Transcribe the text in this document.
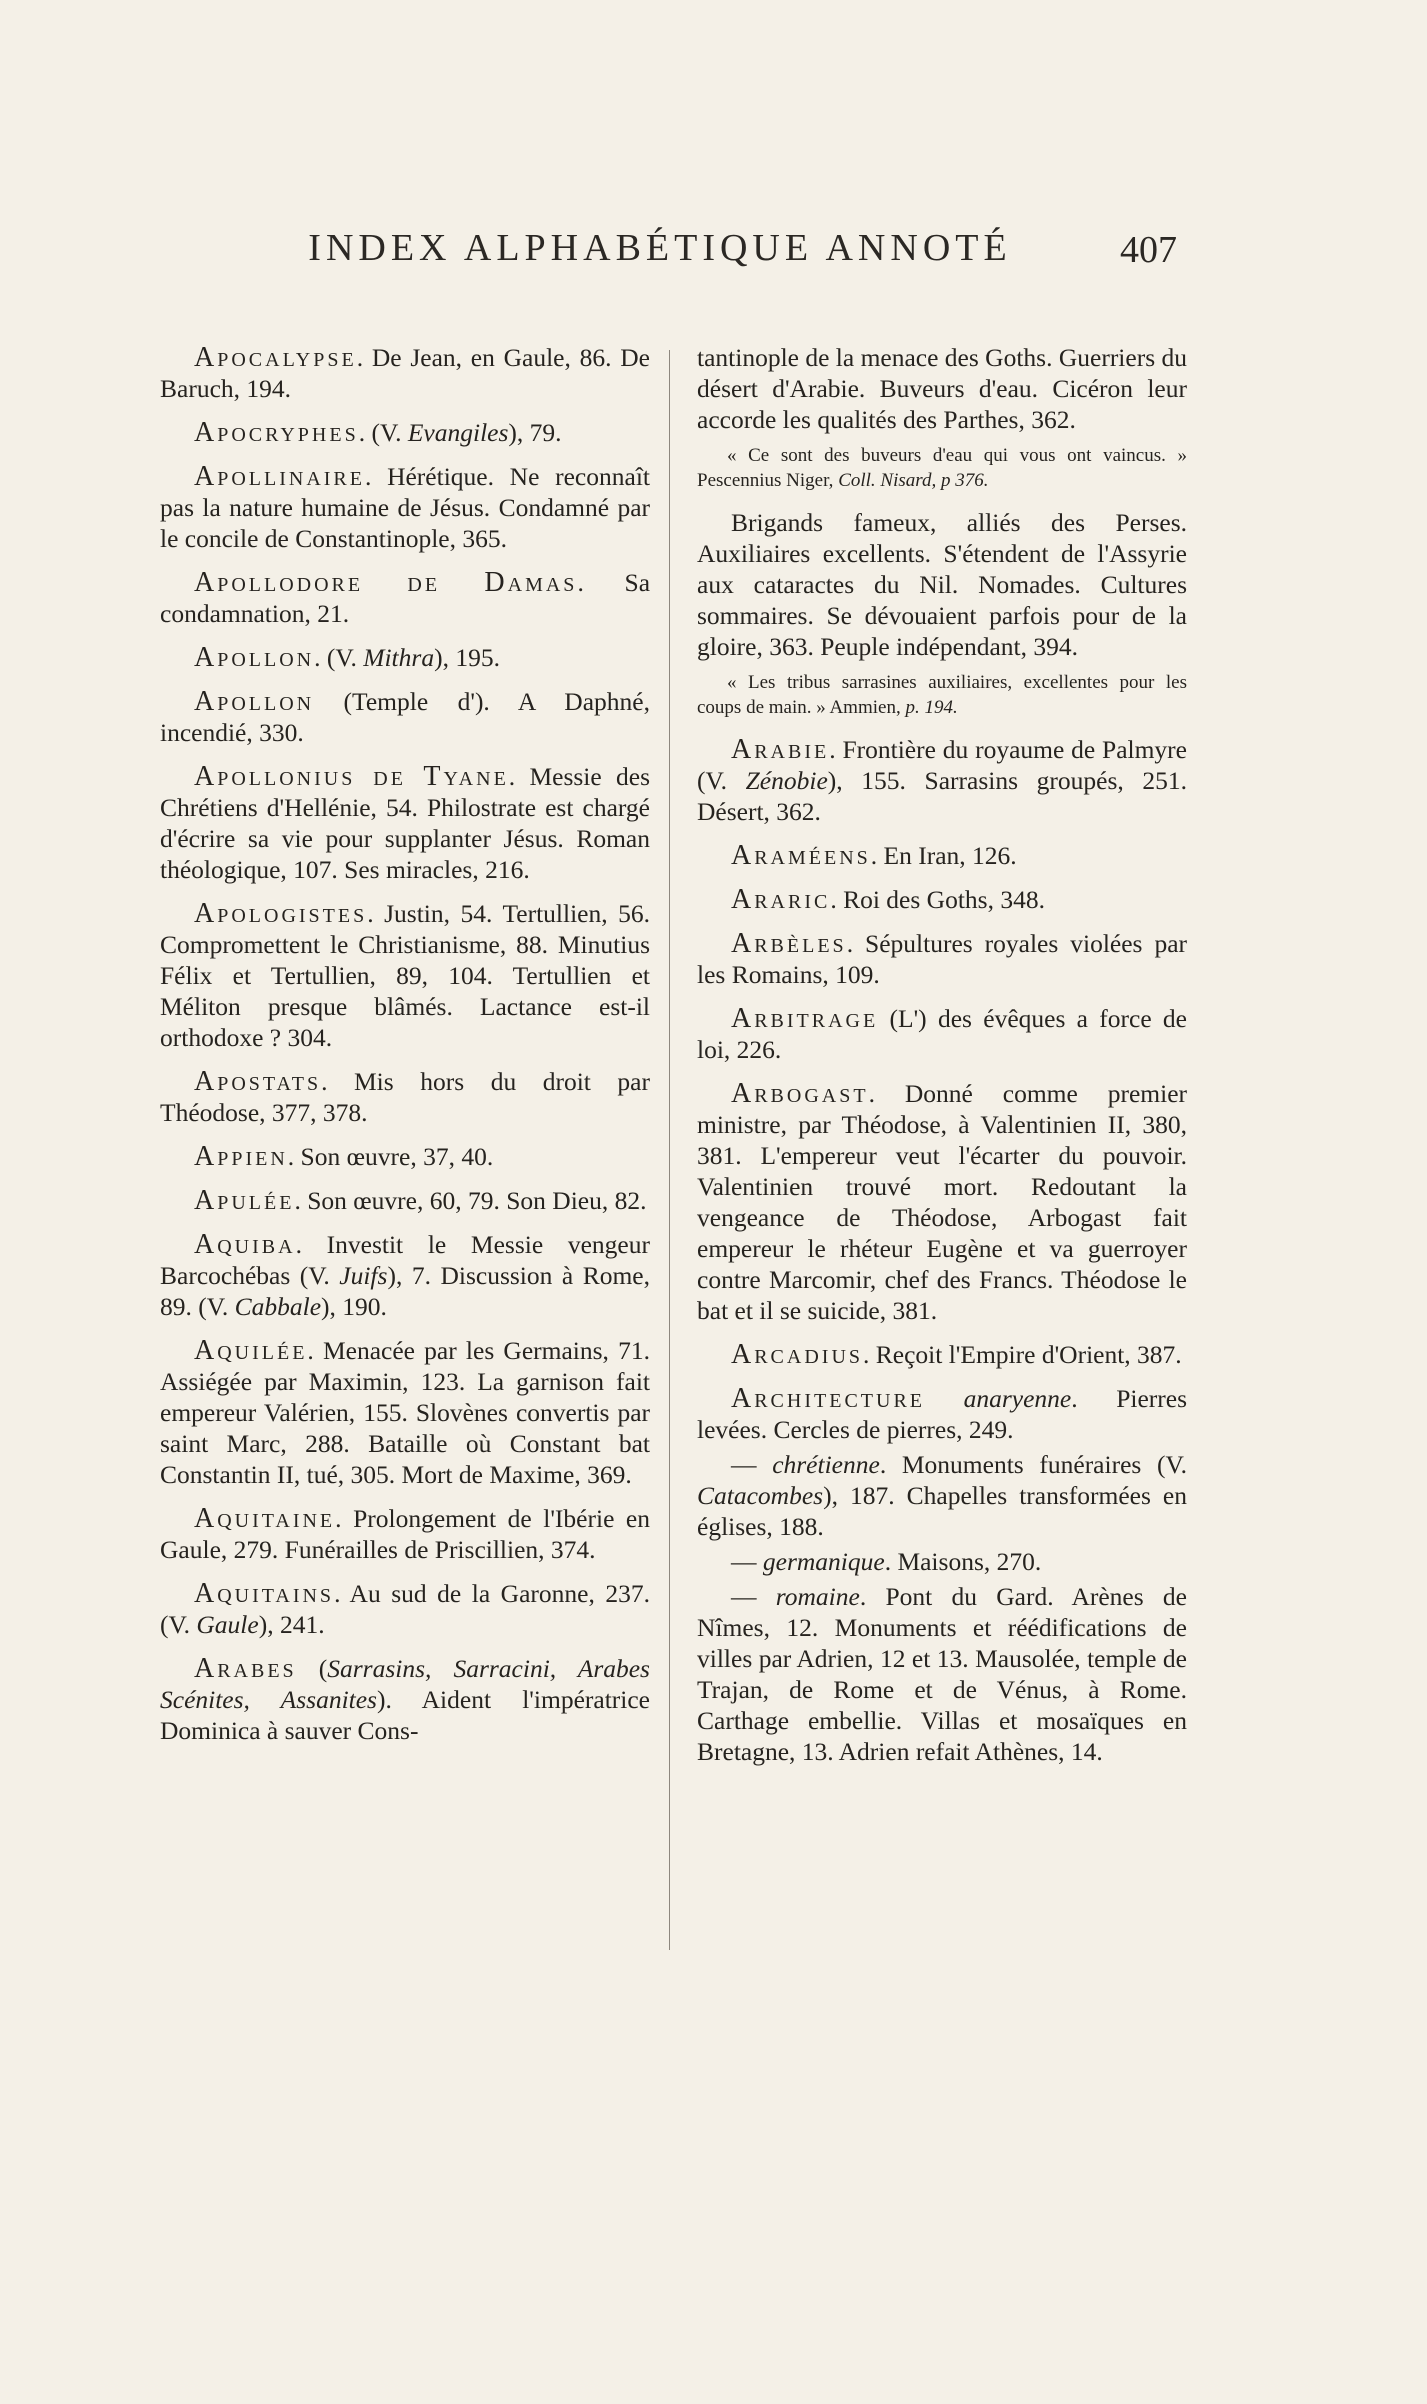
INDEX ALPHABÉTIQUE ANNOTÉ	407

Apocalypse. De Jean, en Gaule, 86. De Baruch, 194.

Apocryphes. (V. Evangiles), 79.

Apollinaire. Hérétique. Ne reconnaît pas la nature humaine de Jésus. Condamné par le concile de Constantinople, 365.

Apollodore de Damas. Sa condamnation, 21.

Apollon. (V. Mithra), 195.

Apollon (Temple d'). A Daphné, incendié, 330.

Apollonius de Tyane. Messie des Chrétiens d'Hellénie, 54. Philostrate est chargé d'écrire sa vie pour supplanter Jésus. Roman théologique, 107. Ses miracles, 216.

Apologistes. Justin, 54. Tertullien, 56. Compromettent le Christianisme, 88. Minutius Félix et Tertullien, 89, 104. Tertullien et Méliton presque blâmés. Lactance est-il orthodoxe ? 304.

Apostats. Mis hors du droit par Théodose, 377, 378.

Appien. Son œuvre, 37, 40.

Apulée. Son œuvre, 60, 79. Son Dieu, 82.

Aquiba. Investit le Messie vengeur Barcochébas (V. Juifs), 7. Discussion à Rome, 89. (V. Cabbale), 190.

Aquilée. Menacée par les Germains, 71. Assiégée par Maximin, 123. La garnison fait empereur Valérien, 155. Slovènes convertis par saint Marc, 288. Bataille où Constant bat Constantin II, tué, 305. Mort de Maxime, 369.

Aquitaine. Prolongement de l'Ibérie en Gaule, 279. Funérailles de Priscillien, 374.

Aquitains. Au sud de la Garonne, 237. (V. Gaule), 241.

Arabes (Sarrasins, Sarracini, Arabes Scénites, Assanites). Aident l'impératrice Dominica à sauver Cons-

tantinople de la menace des Goths. Guerriers du désert d'Arabie. Buveurs d'eau. Cicéron leur accorde les qualités des Parthes, 362.

« Ce sont des buveurs d'eau qui vous ont vaincus. » Pescennius Niger, Coll. Nisard, p 376.

Brigands fameux, alliés des Perses. Auxiliaires excellents. S'étendent de l'Assyrie aux cataractes du Nil. Nomades. Cultures sommaires. Se dévouaient parfois pour de la gloire, 363. Peuple indépendant, 394.

« Les tribus sarrasines auxiliaires, excellentes pour les coups de main. » Ammien, p. 194.

Arabie. Frontière du royaume de Palmyre (V. Zénobie), 155. Sarrasins groupés, 251. Désert, 362.

Araméens. En Iran, 126.

Araric. Roi des Goths, 348.

Arbèles. Sépultures royales violées par les Romains, 109.

Arbitrage (L') des évêques a force de loi, 226.

Arbogast. Donné comme premier ministre, par Théodose, à Valentinien II, 380, 381. L'empereur veut l'écarter du pouvoir. Valentinien trouvé mort. Redoutant la vengeance de Théodose, Arbogast fait empereur le rhéteur Eugène et va guerroyer contre Marcomir, chef des Francs. Théodose le bat et il se suicide, 381.

Arcadius. Reçoit l'Empire d'Orient, 387.

Architecture anaryenne. Pierres levées. Cercles de pierres, 249.

— chrétienne. Monuments funéraires (V. Catacombes), 187. Chapelles transformées en églises, 188.

— germanique. Maisons, 270.

— romaine. Pont du Gard. Arènes de Nîmes, 12. Monuments et réédifications de villes par Adrien, 12 et 13. Mausolée, temple de Trajan, de Rome et de Vénus, à Rome. Carthage embellie. Villas et mosaïques en Bretagne, 13. Adrien refait Athènes, 14.
